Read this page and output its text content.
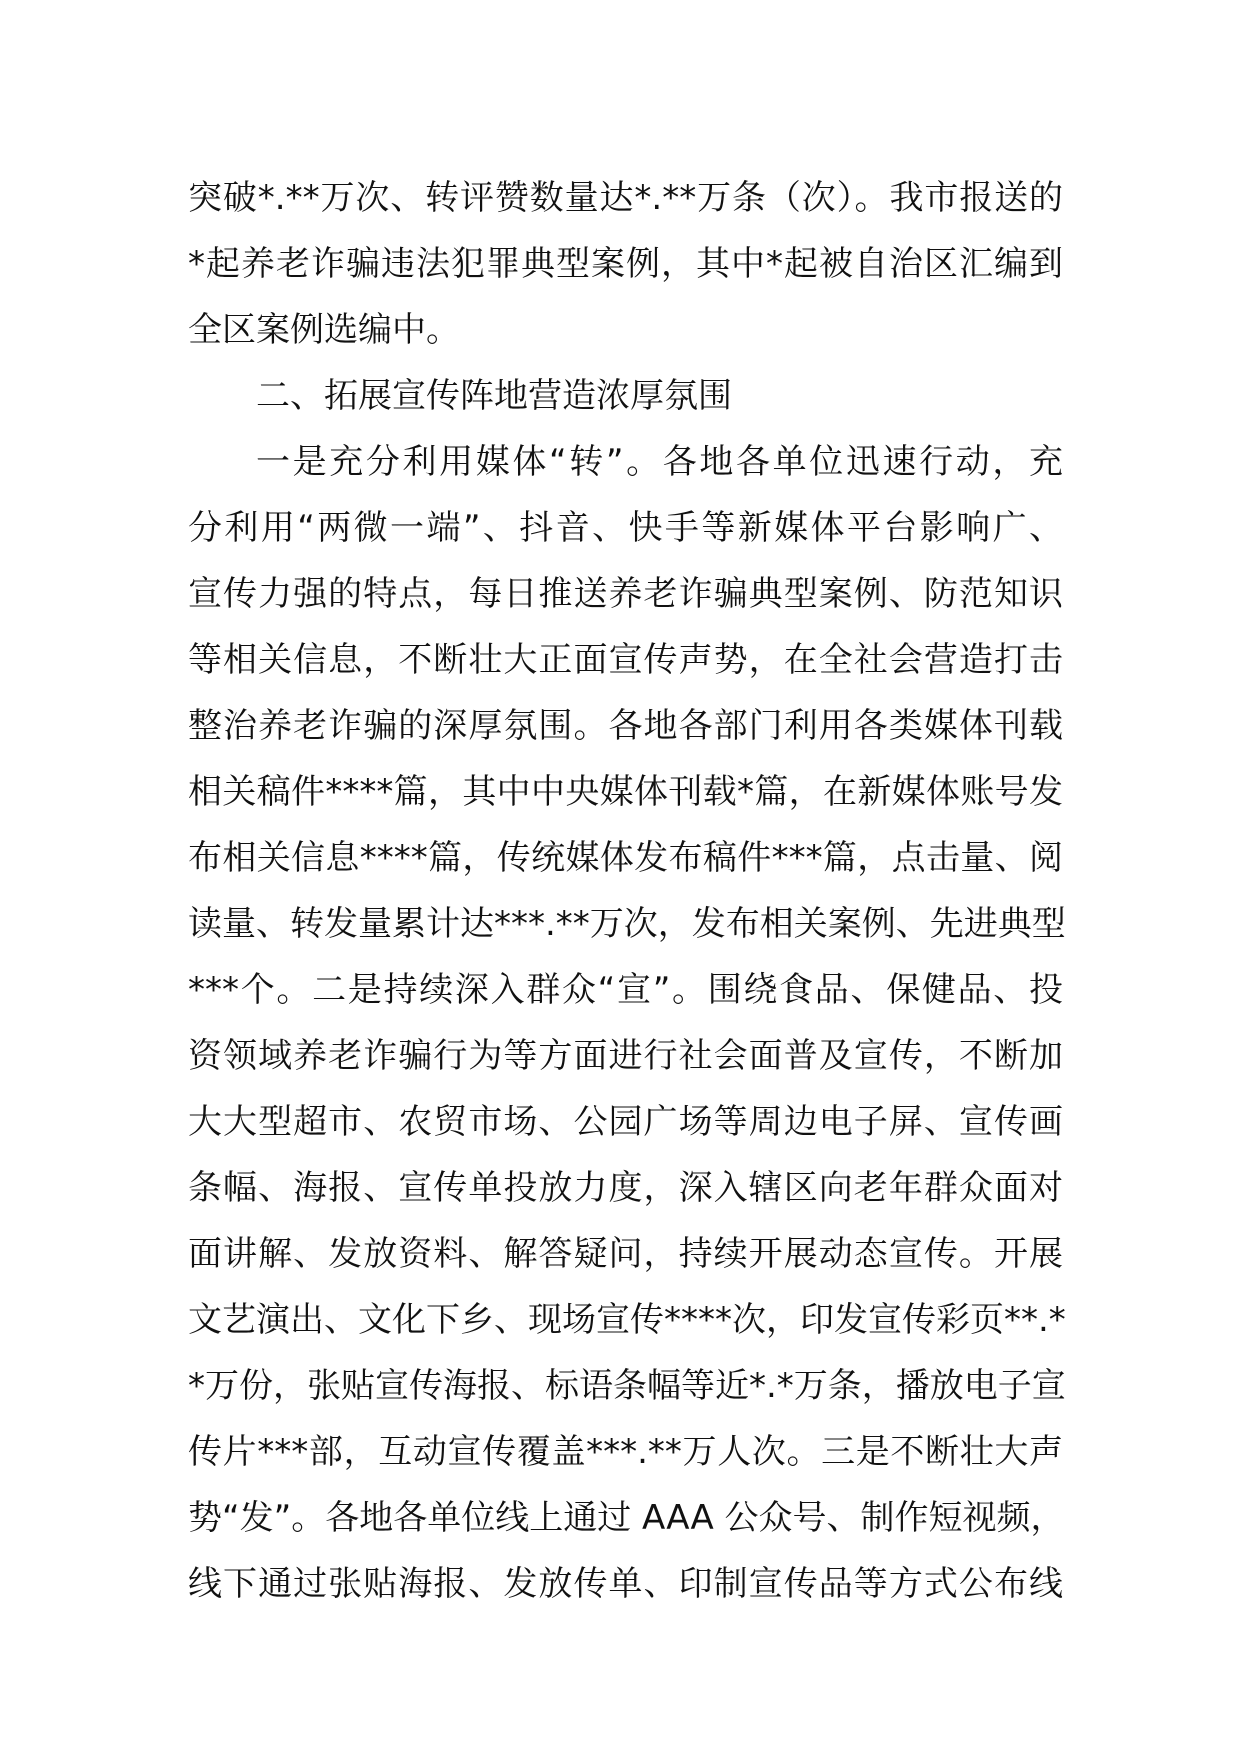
突破*.**万次、转评赞数量达*.**万条（次）。我市报送的
*起养老诈骗违法犯罪典型案例，其中*起被自治区汇编到
全区案例选编中。
二、拓展宣传阵地营造浓厚氛围
一是充分利用媒体“转”。各地各单位迅速行动，充
分利用“两微一端”、抖音、快手等新媒体平台影响广、
宣传力强的特点，每日推送养老诈骗典型案例、防范知识
等相关信息，不断壮大正面宣传声势，在全社会营造打击
整治养老诈骗的深厚氛围。各地各部门利用各类媒体刊载
相关稿件****篇，其中中央媒体刊载*篇，在新媒体账号发
布相关信息****篇，传统媒体发布稿件***篇，点击量、阅
读量、转发量累计达***.**万次，发布相关案例、先进典型
***个。二是持续深入群众“宣”。围绕食品、保健品、投
资领域养老诈骗行为等方面进行社会面普及宣传，不断加
大大型超市、农贸市场、公园广场等周边电子屏、宣传画
条幅、海报、宣传单投放力度，深入辖区向老年群众面对
面讲解、发放资料、解答疑问，持续开展动态宣传。开展
文艺演出、文化下乡、现场宣传****次，印发宣传彩页**.*
*万份，张贴宣传海报、标语条幅等近*.*万条，播放电子宣
传片***部，互动宣传覆盖***.**万人次。三是不断壮大声
势“发”。各地各单位线上通过 AAA 公众号、制作短视频，
线下通过张贴海报、发放传单、印制宣传品等方式公布线
